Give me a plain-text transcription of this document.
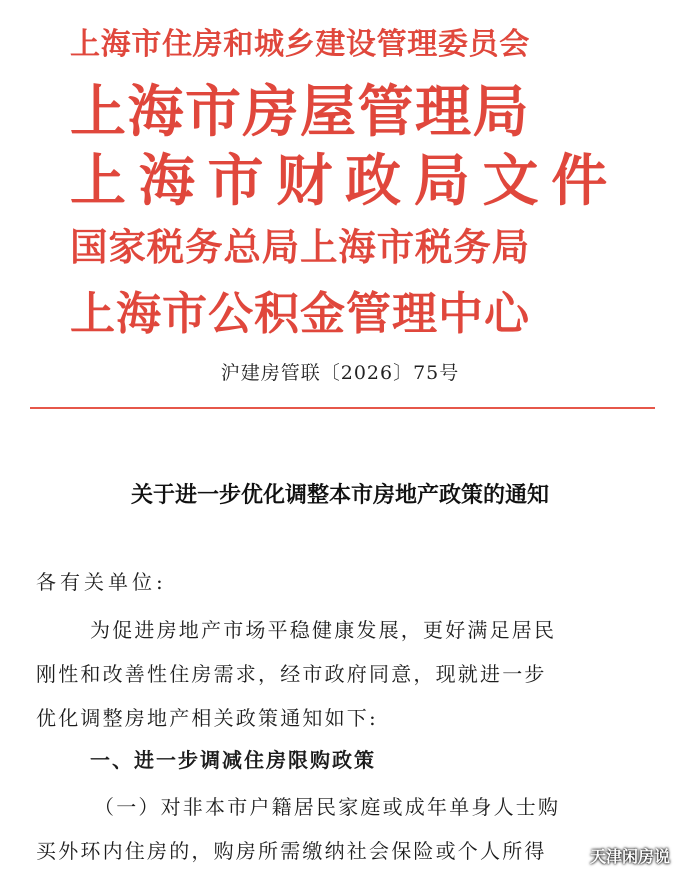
上海市住房和城乡建设管理委员会
上海市房屋管理局
上 海 市 财 政 局 文 件
国家税务总局上海市税务局
上海市公积金管理中心
沪建房管联〔2026〕75号
关于进一步优化调整本市房地产政策的通知
各有关单位:
为促进房地产市场平稳健康发展，更好满足居民
刚性和改善性住房需求，经市政府同意，现就进一步
优化调整房地产相关政策通知如下:
一、进一步调减住房限购政策
（一）对非本市户籍居民家庭或成年单身人士购
买外环内住房的，购房所需缴纳社会保险或个人所得	天津闲房说
